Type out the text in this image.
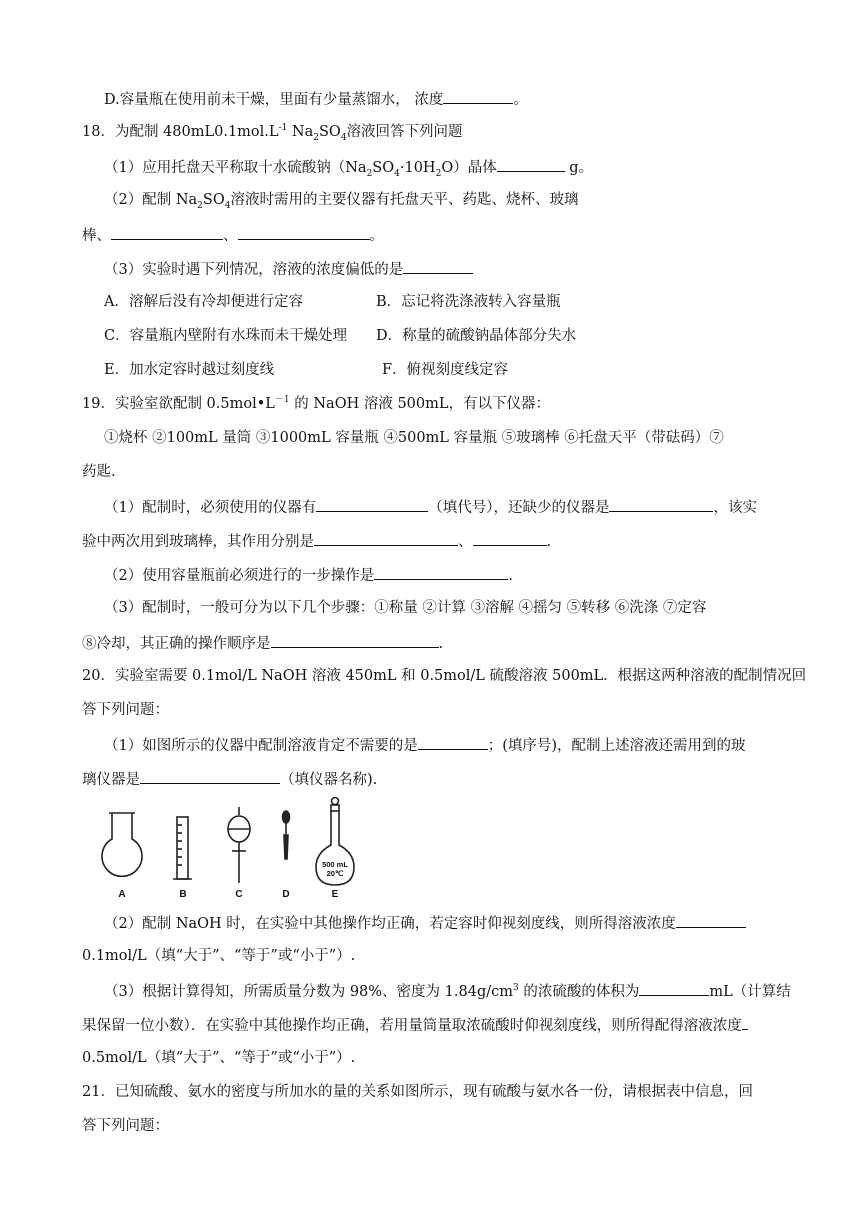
D.容量瓶在使用前未干燥，里面有少量蒸馏水， 浓度	。
18．为配制 $480mL0.1mol.L^{-1}$ $Na_2SO_4$溶液回答下列问题
（1）应用托盘天平称取十水硫酸钠$(Na_2SO_4\cdot 10H_2O)$晶体	g。
（2）配制 $Na_2SO_4$溶液时需用的主要仪器有托盘天平、药匙、烧杯、玻璃
棒、	、	。
（3）实验时遇下列情况，溶液的浓度偏低的是
A．溶解后没有冷却便进行定容	B．忘记将洗涤液转入容量瓶
C．容量瓶内壁附有水珠而未干燥处理 D．称量的硫酸钠晶体部分失水
E．加水定容时越过刻度线	F．俯视刻度线定容
19．实验室欲配制 $0.5mol•L^{-1}$ 的 NaOH 溶液 500mL，有以下仪器：
①烧杯 ②100mL 量筒 ③1000mL 容量瓶 ④500mL 容量瓶 ⑤玻璃棒 ⑥托盘天平（带砝码）⑦
药匙.
（1）配制时，必须使用的仪器有	（填代号），还缺少的仪器是	，该实
验中两次用到玻璃棒，其作用分别是	、	.
（2）使用容量瓶前必须进行的一步操作是	.
（3）配制时，一般可分为以下几个步骤：①称量 ②计算 ③溶解 ④摇匀 ⑤转移 ⑥洗涤 ⑦定容
⑧冷却，其正确的操作顺序是	.
20．实验室需要 0.1mol/L NaOH 溶液 450mL 和 0.5mol/L 硫酸溶液 500mL．根据这两种溶液的配制情况回
答下列问题：
（1）如图所示的仪器中配制溶液肯定不需要的是	；(填序号)，配制上述溶液还需用到的玻
璃仪器是	（填仪器名称).
500 mL
20℃
A	B	C	D	E
（2）配制 NaOH 时，在实验中其他操作均正确，若定容时仰视刻度线，则所得溶液浓度
0.1mol/L（填“大于”、“等于”或“小于”）.
（3）根据计算得知，所需质量分数为 98%、密度为 $1.84g/cm^3$ 的浓硫酸的体积为	mL（计算结
果保留一位小数）．在实验中其他操作均正确，若用量筒量取浓硫酸时仰视刻度线，则所得配得溶液浓度
0.5mol/L（填“大于”、“等于”或“小于”）.
21．已知硫酸、氨水的密度与所加水的量的关系如图所示，现有硫酸与氨水各一份，请根据表中信息，回
答下列问题：
